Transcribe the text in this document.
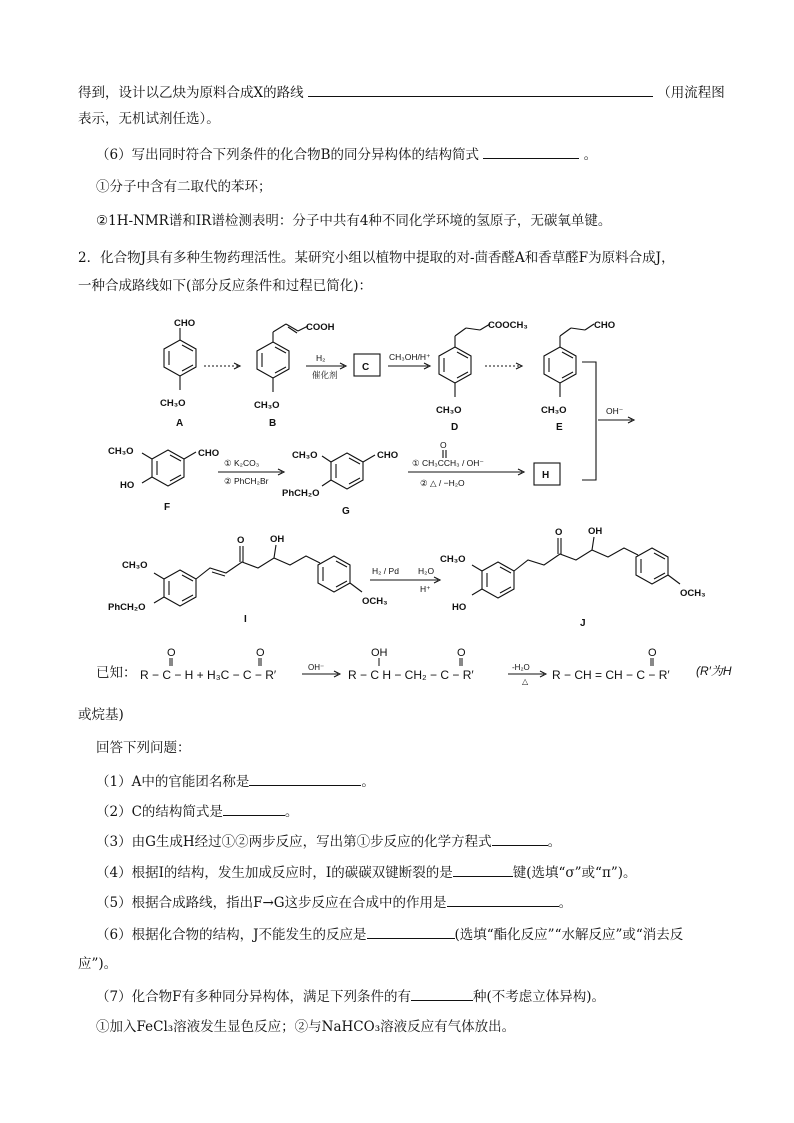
得到，设计以乙炔为原料合成X的路线	（用流程图
表示，无机试剂任选）。
（6）写出同时符合下列条件的化合物B的同分异构体的结构简式	。
①分子中含有二取代的苯环；
②1H-NMR谱和IR谱检测表明：分子中共有4种不同化学环境的氢原子，无碳氧单键。
2．化合物J具有多种生物药理活性。某研究小组以植物中提取的对-茴香醛A和香草醛F为原料合成J，
一种合成路线如下(部分反应条件和过程已简化)：
CHO
CH₃O
A
COOH
CH₃O
B
H₂
催化剂
C
CH₃OH/H⁺
COOCH₃
CH₃O
D
CHO
CH₃O
E
OH⁻
CH₃O	CHO
HO
F
① K₂CO₃
② PhCH₂Br
CH₃O	CHO
PhCH₂O
G
O
① CH₃CCH₃ / OH⁻
② △ / −H₂O
H
CH₃O
PhCH₂O
O	OH
OCH₃
I
H₂ / Pd H₂O
H⁺
CH₃O
HO
O	OH
OCH₃
J
已知：
O	O
R − C − H + H₃C − C − R′
OH⁻
OH	O
R − C H − CH₂ − C − R′
-H₂O
△
O
R − CH = CH − C − R′ (R′为H
或烷基)
回答下列问题：
（1）A中的官能团名称是	。
（2）C的结构简式是	。
（3）由G生成H经过①②两步反应，写出第①步反应的化学方程式	。
（4）根据I的结构，发生加成反应时，I的碳碳双键断裂的是	键(选填“σ”或“π”)。
（5）根据合成路线，指出F→G这步反应在合成中的作用是	。
（6）根据化合物的结构，J不能发生的反应是	(选填“酯化反应”“水解反应”或“消去反
应”)。
（7）化合物F有多种同分异构体，满足下列条件的有	种(不考虑立体异构)。
①加入FeCl₃溶液发生显色反应；②与NaHCO₃溶液反应有气体放出。
